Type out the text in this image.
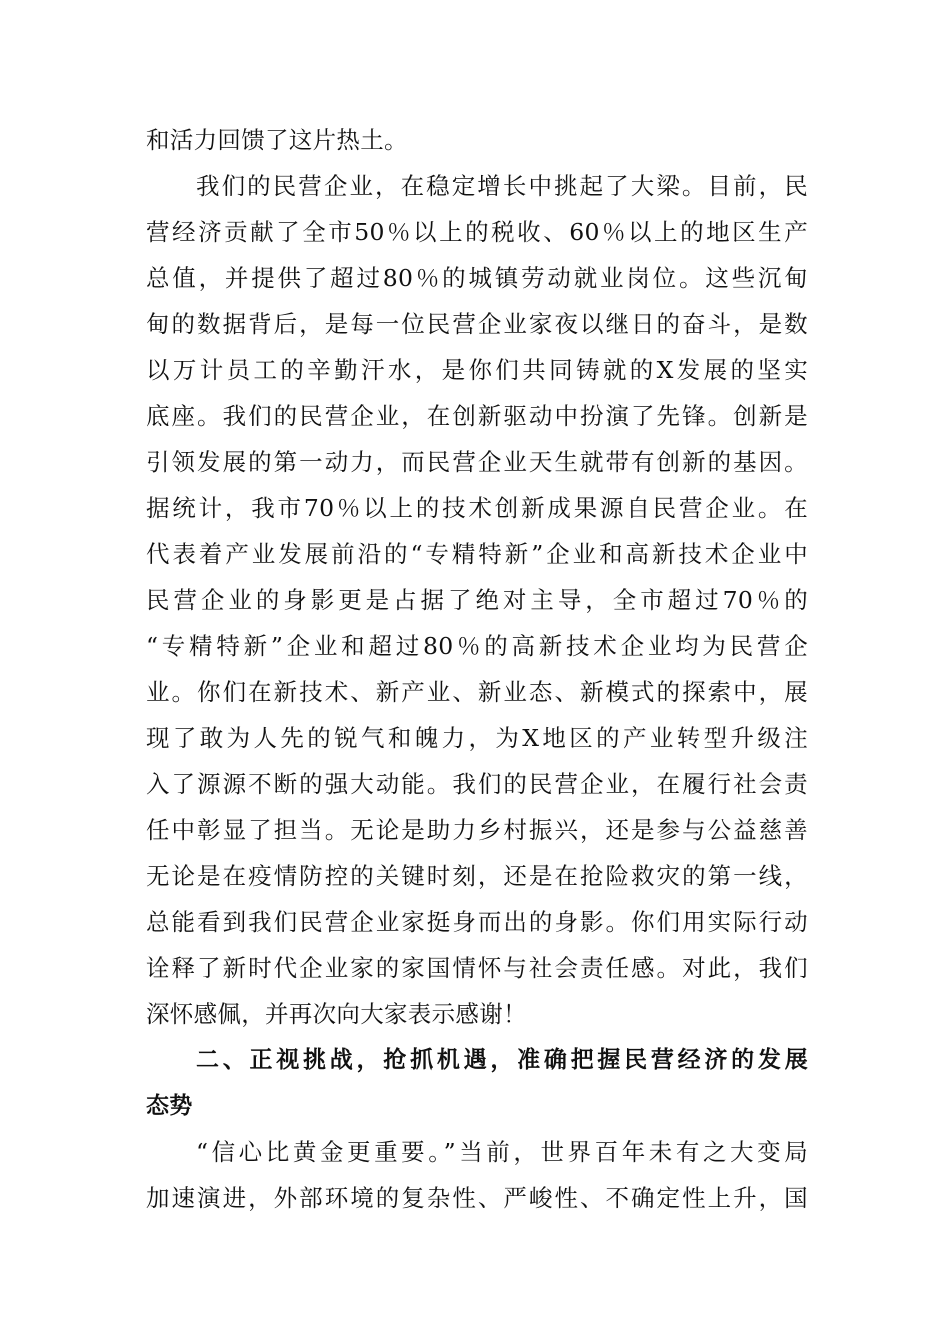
和活力回馈了这片热土。
我们的民营企业，在稳定增长中挑起了大梁。目前，民
营经济贡献了全市50％以上的税收、60％以上的地区生产
总值，并提供了超过80％的城镇劳动就业岗位。这些沉甸
甸的数据背后，是每一位民营企业家夜以继日的奋斗，是数
以万计员工的辛勤汗水，是你们共同铸就的X发展的坚实
底座。我们的民营企业，在创新驱动中扮演了先锋。创新是
引领发展的第一动力，而民营企业天生就带有创新的基因。
据统计，我市70％以上的技术创新成果源自民营企业。在
代表着产业发展前沿的“专精特新”企业和高新技术企业中
民营企业的身影更是占据了绝对主导，全市超过70％的
“专精特新”企业和超过80％的高新技术企业均为民营企
业。你们在新技术、新产业、新业态、新模式的探索中，展
现了敢为人先的锐气和魄力，为X地区的产业转型升级注
入了源源不断的强大动能。我们的民营企业，在履行社会责
任中彰显了担当。无论是助力乡村振兴，还是参与公益慈善
无论是在疫情防控的关键时刻，还是在抢险救灾的第一线，
总能看到我们民营企业家挺身而出的身影。你们用实际行动
诠释了新时代企业家的家国情怀与社会责任感。对此，我们
深怀感佩，并再次向大家表示感谢！
二、正视挑战，抢抓机遇，准确把握民营经济的发展
态势
“信心比黄金更重要。”当前，世界百年未有之大变局
加速演进，外部环境的复杂性、严峻性、不确定性上升，国
